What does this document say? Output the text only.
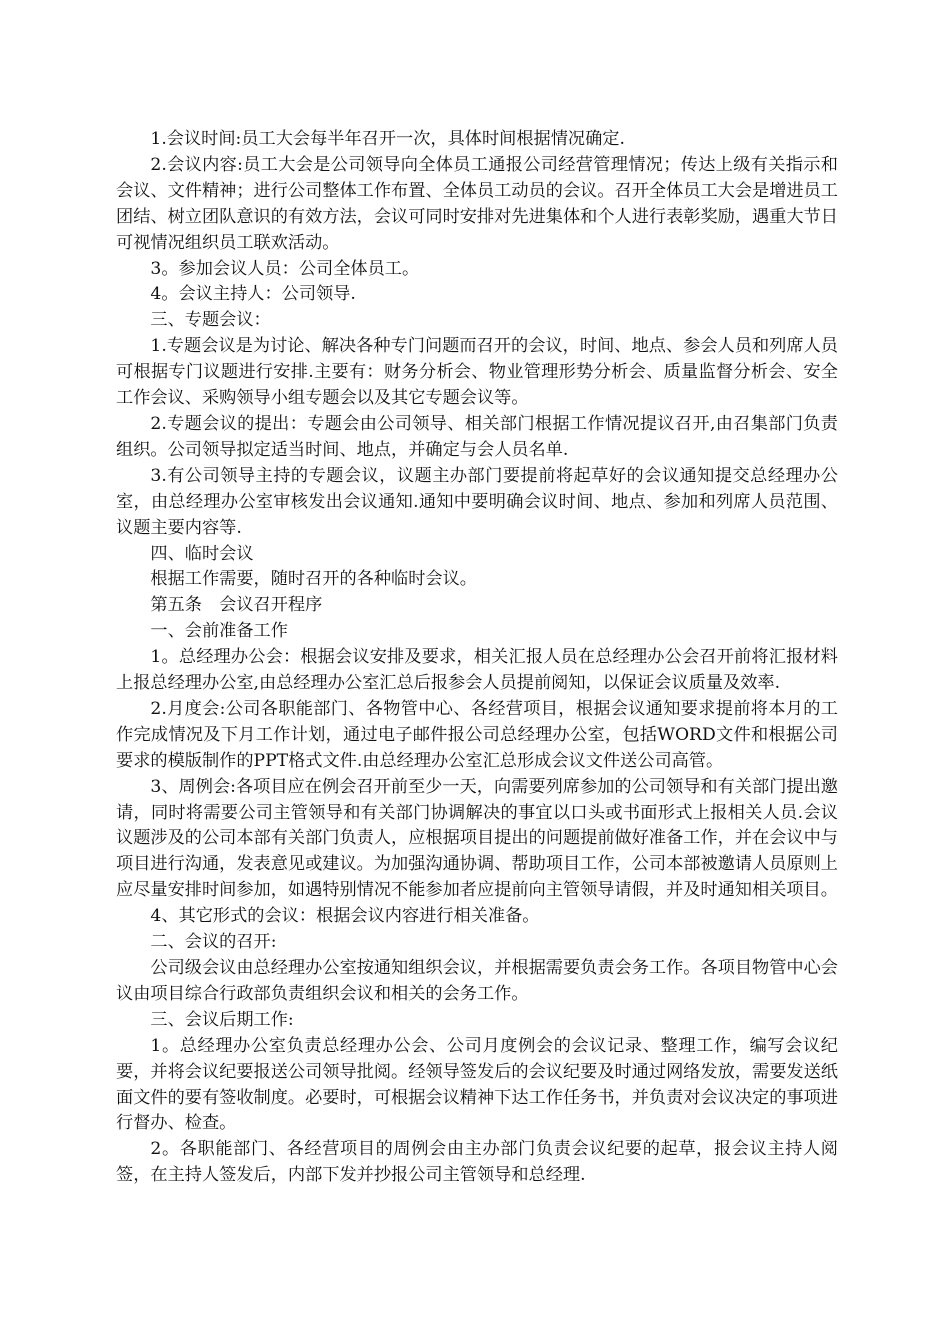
1.会议时间:员工大会每半年召开一次，具体时间根据情况确定.

2.会议内容:员工大会是公司领导向全体员工通报公司经营管理情况；传达上级有关指示和会议、文件精神；进行公司整体工作布置、全体员工动员的会议。召开全体员工大会是增进员工团结、树立团队意识的有效方法，会议可同时安排对先进集体和个人进行表彰奖励，遇重大节日可视情况组织员工联欢活动。

3。参加会议人员：公司全体员工。

4。会议主持人：公司领导.

三、专题会议：

1.专题会议是为讨论、解决各种专门问题而召开的会议，时间、地点、参会人员和列席人员可根据专门议题进行安排.主要有：财务分析会、物业管理形势分析会、质量监督分析会、安全工作会议、采购领导小组专题会以及其它专题会议等。

2.专题会议的提出：专题会由公司领导、相关部门根据工作情况提议召开,由召集部门负责组织。公司领导拟定适当时间、地点，并确定与会人员名单.

3.有公司领导主持的专题会议，议题主办部门要提前将起草好的会议通知提交总经理办公室，由总经理办公室审核发出会议通知.通知中要明确会议时间、地点、参加和列席人员范围、议题主要内容等.

四、临时会议

根据工作需要，随时召开的各种临时会议。

第五条　会议召开程序

一、会前准备工作

1。总经理办公会：根据会议安排及要求，相关汇报人员在总经理办公会召开前将汇报材料上报总经理办公室,由总经理办公室汇总后报参会人员提前阅知，以保证会议质量及效率.

2.月度会:公司各职能部门、各物管中心、各经营项目，根据会议通知要求提前将本月的工作完成情况及下月工作计划，通过电子邮件报公司总经理办公室，包括WORD文件和根据公司要求的模版制作的PPT格式文件.由总经理办公室汇总形成会议文件送公司高管。

3、周例会:各项目应在例会召开前至少一天，向需要列席参加的公司领导和有关部门提出邀请，同时将需要公司主管领导和有关部门协调解决的事宜以口头或书面形式上报相关人员.会议议题涉及的公司本部有关部门负责人，应根据项目提出的问题提前做好准备工作，并在会议中与项目进行沟通，发表意见或建议。为加强沟通协调、帮助项目工作，公司本部被邀请人员原则上应尽量安排时间参加，如遇特别情况不能参加者应提前向主管领导请假，并及时通知相关项目。

4、其它形式的会议：根据会议内容进行相关准备。

二、会议的召开:

公司级会议由总经理办公室按通知组织会议，并根据需要负责会务工作。各项目物管中心会议由项目综合行政部负责组织会议和相关的会务工作。

三、会议后期工作:

1。总经理办公室负责总经理办公会、公司月度例会的会议记录、整理工作，编写会议纪要，并将会议纪要报送公司领导批阅。经领导签发后的会议纪要及时通过网络发放，需要发送纸面文件的要有签收制度。必要时，可根据会议精神下达工作任务书，并负责对会议决定的事项进行督办、检查。

2。各职能部门、各经营项目的周例会由主办部门负责会议纪要的起草，报会议主持人阅签，在主持人签发后，内部下发并抄报公司主管领导和总经理.
